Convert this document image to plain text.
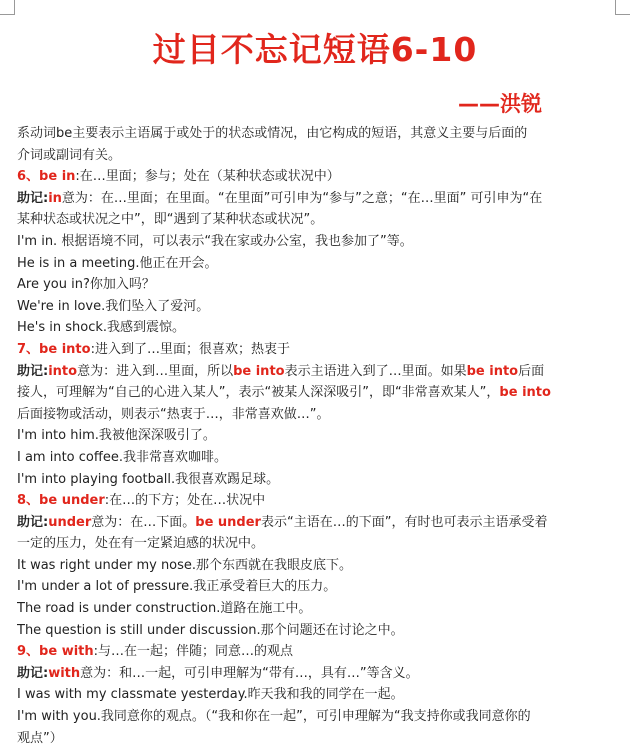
过目不忘记短语6-10
——洪锐
系动词be主要表示主语属于或处于的状态或情况，由它构成的短语，其意义主要与后面的
介词或副词有关。
6、be in:在…里面；参与；处在（某种状态或状况中）
助记:in意为：在…里面；在里面。“在里面”可引申为“参与”之意；“在…里面” 可引申为“在
某种状态或状况之中”，即“遇到了某种状态或状况”。
I'm in. 根据语境不同，可以表示“我在家或办公室，我也参加了”等。
He is in a meeting.他正在开会。
Are you in?你加入吗？
We're in love.我们坠入了爱河。
He's in shock.我感到震惊。
7、be into:进入到了…里面；很喜欢；热衷于
助记:into意为：进入到…里面，所以be into表示主语进入到了…里面。如果be into后面
接人，可理解为“自己的心进入某人”，表示“被某人深深吸引”，即“非常喜欢某人”，be into
后面接物或活动，则表示“热衷于…，非常喜欢做…”。
I'm into him.我被他深深吸引了。
I am into coffee.我非常喜欢咖啡。
I'm into playing football.我很喜欢踢足球。
8、be under:在…的下方；处在…状况中
助记:under意为：在…下面。be under表示“主语在…的下面”，有时也可表示主语承受着
一定的压力，处在有一定紧迫感的状况中。
It was right under my nose.那个东西就在我眼皮底下。
I'm under a lot of pressure.我正承受着巨大的压力。
The road is under construction.道路在施工中。
The question is still under discussion.那个问题还在讨论之中。
9、be with:与…在一起；伴随；同意…的观点
助记:with意为：和…一起，可引申理解为“带有…，具有…”等含义。
I was with my classmate yesterday.昨天我和我的同学在一起。
I'm with you.我同意你的观点。（“我和你在一起”，可引申理解为“我支持你或我同意你的
观点”）
